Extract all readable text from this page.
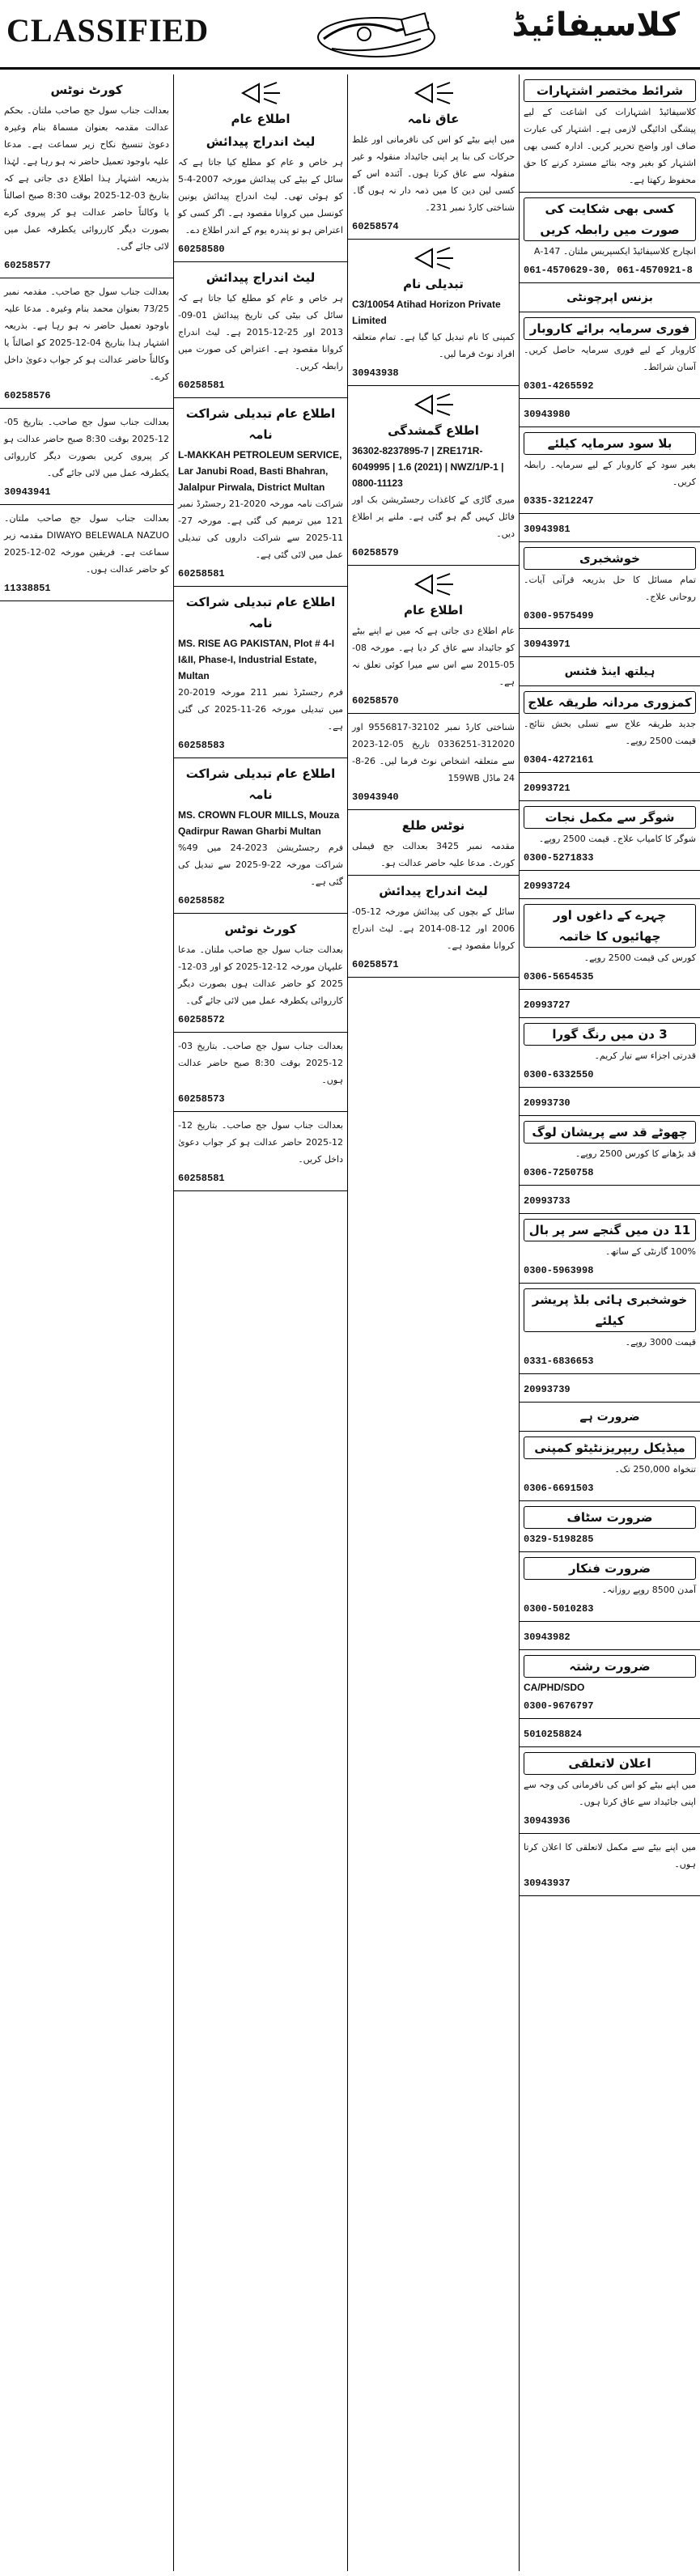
CLASSIFIED	کلاسیفائیڈ
کورٹ نوٹس
بعدالت جناب سول جج صاحب ملتان۔ بحکم عدالت مقدمہ بعنوان مسماۃ بنام وغیرہ دعویٰ تنسیخ نکاح زیر سماعت ہے۔ مدعا علیہ باوجود تعمیل حاضر نہ ہو رہا ہے۔ لہٰذا بذریعہ اشتہار ہذا اطلاع دی جاتی ہے کہ بتاریخ 03-12-2025 بوقت 8:30 صبح اصالتاً یا وکالتاً حاضر عدالت ہو کر پیروی کرے بصورت دیگر کارروائی یکطرفہ عمل میں لائی جائے گی۔
60258577
بعدالت جناب سول جج صاحب۔ مقدمہ نمبر 73/25 بعنوان محمد بنام وغیرہ۔ مدعا علیہ باوجود تعمیل حاضر نہ ہو رہا ہے۔ بذریعہ اشتہار ہذا بتاریخ 04-12-2025 کو اصالتاً یا وکالتاً حاضر عدالت ہو کر جواب دعویٰ داخل کرے۔
60258576
بعدالت جناب سول جج صاحب۔ بتاریخ 05-12-2025 بوقت 8:30 صبح حاضر عدالت ہو کر پیروی کریں بصورت دیگر کارروائی یکطرفہ عمل میں لائی جائے گی۔
30943941
بعدالت جناب سول جج صاحب ملتان۔ DIWAYO BELEWALA NAZUO مقدمہ زیر سماعت ہے۔ فریقین مورخہ 02-12-2025 کو حاضر عدالت ہوں۔
11338851
اطلاع عام
لیٹ اندراج پیدائش
ہر خاص و عام کو مطلع کیا جاتا ہے کہ سائل کے بیٹے کی پیدائش مورخہ 2007-4-5 کو ہوئی تھی۔ لیٹ اندراج پیدائش یونین کونسل میں کروانا مقصود ہے۔ اگر کسی کو اعتراض ہو تو پندرہ یوم کے اندر اطلاع دے۔
60258580
لیٹ اندراج پیدائش
ہر خاص و عام کو مطلع کیا جاتا ہے کہ سائل کی بیٹی کی تاریخ پیدائش 01-09-2013 اور 25-12-2015 ہے۔ لیٹ اندراج کروانا مقصود ہے۔ اعتراض کی صورت میں رابطہ کریں۔
60258581
اطلاع عام تبدیلی شراکت نامہ
L-MAKKAH PETROLEUM SERVICE, Lar Janubi Road, Basti Bhahran, Jalalpur Pirwala, District Multan
شراکت نامہ مورخہ 2020-21 رجسٹرڈ نمبر 121 میں ترمیم کی گئی ہے۔ مورخہ 27-11-2025 سے شراکت داروں کی تبدیلی عمل میں لائی گئی ہے۔
60258581
اطلاع عام تبدیلی شراکت نامہ
MS. RISE AG PAKISTAN, Plot # 4-I I&II, Phase-I, Industrial Estate, Multan
فرم رجسٹرڈ نمبر 211 مورخہ 2019-20 میں تبدیلی مورخہ 26-11-2025 کی گئی ہے۔
60258583
اطلاع عام تبدیلی شراکت نامہ
MS. CROWN FLOUR MILLS, Mouza Qadirpur Rawan Gharbi Multan
فرم رجسٹریشن 2023-24 میں 49% شراکت مورخہ 22-9-2025 سے تبدیل کی گئی ہے۔
60258582
کورٹ نوٹس
بعدالت جناب سول جج صاحب ملتان۔ مدعا علیہان مورخہ 12-12-2025 کو اور 03-12-2025 کو حاضر عدالت ہوں بصورت دیگر کارروائی یکطرفہ عمل میں لائی جائے گی۔
60258572
بعدالت جناب سول جج صاحب۔ بتاریخ 03-12-2025 بوقت 8:30 صبح حاضر عدالت ہوں۔
60258573
بعدالت جناب سول جج صاحب۔ بتاریخ 12-12-2025 حاضر عدالت ہو کر جواب دعویٰ داخل کریں۔
60258581
عاق نامہ
میں اپنے بیٹے کو اس کی نافرمانی اور غلط حرکات کی بنا پر اپنی جائیداد منقولہ و غیر منقولہ سے عاق کرتا ہوں۔ آئندہ اس کے کسی لین دین کا میں ذمہ دار نہ ہوں گا۔ شناختی کارڈ نمبر 231۔
60258574
تبدیلی نام
C3/10054 Atihad Horizon Private Limited
کمپنی کا نام تبدیل کیا گیا ہے۔ تمام متعلقہ افراد نوٹ فرما لیں۔
30943938
اطلاع گمشدگی
36302-8237895-7 | ZRE171R-6049995 | 1.6 (2021) | NWZ/1/P-1 | 0800-11123
میری گاڑی کے کاغذات رجسٹریشن بک اور فائل کہیں گم ہو گئی ہے۔ ملنے پر اطلاع دیں۔
60258579
اطلاع عام
عام اطلاع دی جاتی ہے کہ میں نے اپنے بیٹے کو جائیداد سے عاق کر دیا ہے۔ مورخہ 08-05-2015 سے اس سے میرا کوئی تعلق نہ ہے۔
60258570
شناختی کارڈ نمبر 32102-9556817 اور 312020-0336251 تاریخ 05-12-2023 سے متعلقہ اشخاص نوٹ فرما لیں۔ 26-8-24 ماڈل 159WB
30943940
نوٹس طلع
مقدمہ نمبر 3425 بعدالت جج فیملی کورٹ۔ مدعا علیہ حاضر عدالت ہو۔
لیٹ اندراج پیدائش
سائل کے بچوں کی پیدائش مورخہ 12-05-2006 اور 12-08-2014 ہے۔ لیٹ اندراج کروانا مقصود ہے۔
60258571
شرائط مختصر اشتہارات
کلاسیفائیڈ اشتہارات کی اشاعت کے لیے پیشگی ادائیگی لازمی ہے۔ اشتہار کی عبارت صاف اور واضح تحریر کریں۔ ادارہ کسی بھی اشتہار کو بغیر وجہ بتائے مسترد کرنے کا حق محفوظ رکھتا ہے۔
کسی بھی شکایت کی صورت میں رابطہ کریں
انچارج کلاسیفائیڈ ایکسپریس ملتان۔ 147-A
061-4570629-30, 061-4570921-8
بزنس اپرچونٹی
فوری سرمایہ برائے کاروبار
کاروبار کے لیے فوری سرمایہ حاصل کریں۔ آسان شرائط۔
0301-4265592
30943980
بلا سود سرمایہ کیلئے
بغیر سود کے کاروبار کے لیے سرمایہ۔ رابطہ کریں۔
0335-3212247
30943981
خوشخبری
تمام مسائل کا حل بذریعہ قرآنی آیات۔ روحانی علاج۔
0300-9575499
30943971
ہیلتھ اینڈ فٹنس
کمزوری مردانہ طریقہ علاج
جدید طریقہ علاج سے تسلی بخش نتائج۔ قیمت 2500 روپے۔
0304-4272161
20993721
شوگر سے مکمل نجات
شوگر کا کامیاب علاج۔ قیمت 2500 روپے۔
0300-5271833
20993724
چہرے کے داغوں اور چھائیوں کا خاتمہ
کورس کی قیمت 2500 روپے۔
0306-5654535
20993727
3 دن میں رنگ گورا
قدرتی اجزاء سے تیار کریم۔
0300-6332550
20993730
چھوٹے قد سے پریشان لوگ
قد بڑھانے کا کورس 2500 روپے۔
0306-7250758
20993733
11 دن میں گنجے سر پر بال
100% گارنٹی کے ساتھ۔
0300-5963998
خوشخبری ہائی بلڈ پریشر کیلئے
قیمت 3000 روپے۔
0331-6836653
20993739
ضرورت ہے
میڈیکل ریپریزنٹیٹو کمپنی
تنخواہ 250,000 تک۔
0306-6691503
ضرورت سٹاف
0329-5198285
ضرورت فنکار
آمدن 8500 روپے روزانہ۔
0300-5010283
30943982
ضرورت رشتہ
CA/PHD/SDO
0300-9676797
5010258824
اعلان لاتعلقی
میں اپنے بیٹے کو اس کی نافرمانی کی وجہ سے اپنی جائیداد سے عاق کرتا ہوں۔
30943936
میں اپنے بیٹے سے مکمل لاتعلقی کا اعلان کرتا ہوں۔
30943937
